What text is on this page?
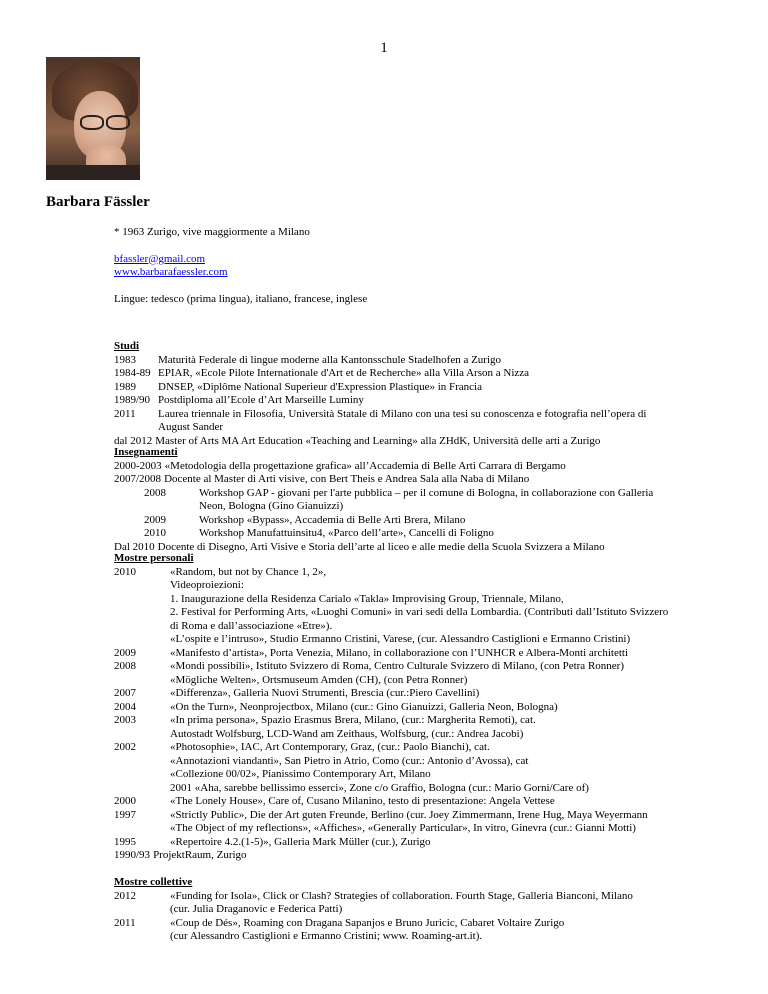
1
Barbara Fässler
* 1963 Zurigo, vive maggiormente a Milano
bfassler@gmail.com
www.barbarafaessler.com
Lingue: tedesco (prima lingua), italiano, francese, inglese
Studi
1983	Maturità Federale di lingue moderne alla Kantonsschule Stadelhofen a Zurigo
1984-89 EPIAR, «Ecole Pilote Internationale d'Art et de Recherche» alla Villa Arson a Nizza
1989	DNSEP, «Diplôme National Superieur d'Expression Plastique» in Francia
1989/90 Postdiploma all’Ecole d’Art Marseille Luminy
2011	Laurea triennale in Filosofia, Università Statale di Milano con una tesi su conoscenza e fotografia nell’opera di
August Sander
dal 2012 Master of Arts MA Art Education «Teaching and Learning» alla ZHdK, Università delle arti a Zurigo
Insegnamenti
2000-2003 «Metodologia della progettazione grafica» all’Accademia di Belle Arti Carrara di Bergamo
2007/2008 Docente al Master di Arti visive, con Bert Theis e Andrea Sala alla Naba di Milano
2008	Workshop GAP - giovani per l'arte pubblica – per il comune di Bologna, in collaborazione con Galleria
Neon, Bologna (Gino Gianuizzi)
2009	Workshop «Bypass», Accademia di Belle Arti Brera, Milano
2010	Workshop Manufattuinsitu4, «Parco dell’arte», Cancelli di Foligno
Dal 2010 Docente di Disegno, Arti Visive e Storia dell’arte al liceo e alle medie della Scuola Svizzera a Milano
Mostre personali
2010	«Random, but not by Chance 1, 2»,
Videoproiezioni:
1. Inaugurazione della Residenza Carialo «Takla» Improvising Group, Triennale, Milano,
2. Festival for Performing Arts, «Luoghi Comuni» in vari sedi della Lombardia. (Contributi dall’Istituto Svizzero
di Roma e dall’associazione «Etre»).
«L’ospite e l’intruso», Studio Ermanno Cristini, Varese, (cur. Alessandro Castiglioni e Ermanno Cristini)
2009	«Manifesto d’artista», Porta Venezia, Milano, in collaborazione con l’UNHCR e Albera-Monti architetti
2008	«Mondi possibili», Istituto Svizzero di Roma, Centro Culturale Svizzero di Milano, (con Petra Ronner)
«Mögliche Welten», Ortsmuseum Amden (CH), (con Petra Ronner)
2007	«Differenza», Galleria Nuovi Strumenti, Brescia (cur.:Piero Cavellini)
2004	«On the Turn», Neonprojectbox, Milano (cur.: Gino Gianuizzi, Galleria Neon, Bologna)
2003	«In prima persona», Spazio Erasmus Brera, Milano, (cur.: Margherita Remoti), cat.
Autostadt Wolfsburg, LCD-Wand am Zeithaus, Wolfsburg, (cur.: Andrea Jacobi)
2002	«Photosophie», IAC, Art Contemporary, Graz, (cur.: Paolo Bianchi), cat.
«Annotazioni viandanti», San Pietro in Atrio, Como (cur.: Antonio d’Avossa), cat
«Collezione 00/02», Pianissimo Contemporary Art, Milano
2001 «Aha, sarebbe bellissimo esserci», Zone c/o Graffio, Bologna (cur.: Mario Gorni/Care of)
2000	«The Lonely House», Care of, Cusano Milanino, testo di presentazione: Angela Vettese
1997	«Strictly Public», Die der Art guten Freunde, Berlino (cur. Joey Zimmermann, Irene Hug, Maya Weyermann
«The Object of my reflections», «Affiches», «Generally Particular», In vitro, Ginevra (cur.: Gianni Motti)
1995	«Repertoire 4.2.(1-5)», Galleria Mark Müller (cur.), Zurigo
1990/93 ProjektRaum, Zurigo
Mostre collettive
2012	«Funding for Isola», Click or Clash? Strategies of collaboration. Fourth Stage, Galleria Bianconi, Milano
(cur. Julia Draganovic e Federica Patti)
2011	«Coup de Dés», Roaming con Dragana Sapanjos e Bruno Juricic, Cabaret Voltaire Zurigo
(cur Alessandro Castiglioni e Ermanno Cristini; www. Roaming-art.it).
